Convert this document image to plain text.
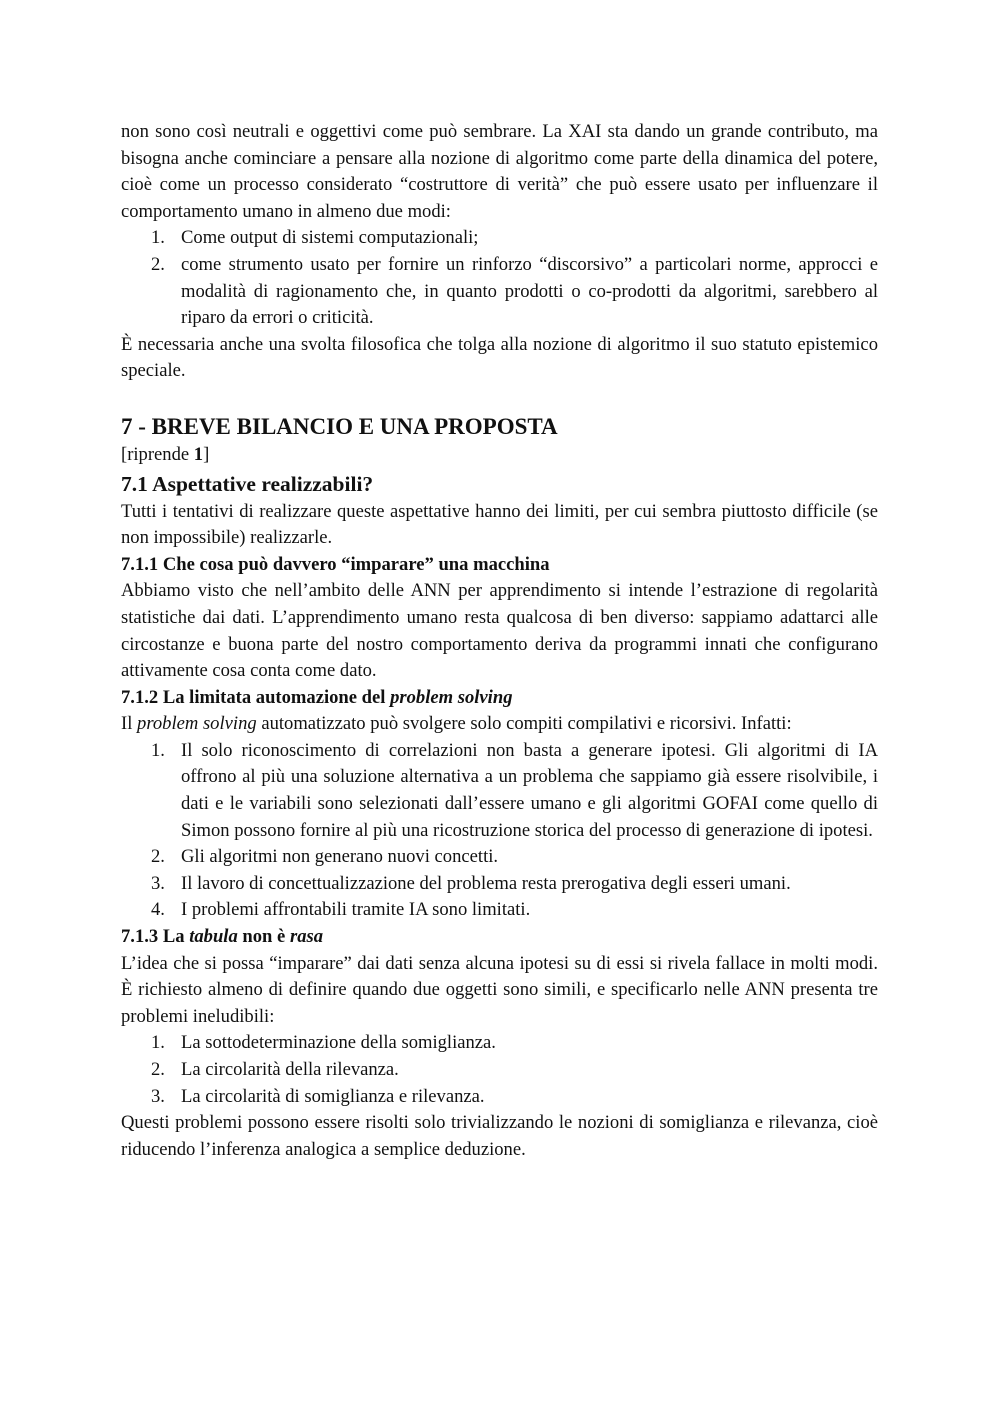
non sono così neutrali e oggettivi come può sembrare. La XAI sta dando un grande contributo, ma bisogna anche cominciare a pensare alla nozione di algoritmo come parte della dinamica del potere, cioè come un processo considerato “costruttore di verità” che può essere usato per influenzare il comportamento umano in almeno due modi:

1. Come output di sistemi computazionali;
2. come strumento usato per fornire un rinforzo “discorsivo” a particolari norme, approcci e modalità di ragionamento che, in quanto prodotti o co-prodotti da algoritmi, sarebbero al riparo da errori o criticità.

È necessaria anche una svolta filosofica che tolga alla nozione di algoritmo il suo statuto epistemico speciale.

7 - BREVE BILANCIO E UNA PROPOSTA

[riprende 1]

7.1 Aspettative realizzabili?

Tutti i tentativi di realizzare queste aspettative hanno dei limiti, per cui sembra piuttosto difficile (se non impossibile) realizzarle.

7.1.1 Che cosa può davvero “imparare” una macchina

Abbiamo visto che nell’ambito delle ANN per apprendimento si intende l’estrazione di regolarità statistiche dai dati. L’apprendimento umano resta qualcosa di ben diverso: sappiamo adattarci alle circostanze e buona parte del nostro comportamento deriva da programmi innati che configurano attivamente cosa conta come dato.

7.1.2 La limitata automazione del problem solving

Il problem solving automatizzato può svolgere solo compiti compilativi e ricorsivi. Infatti:

1. Il solo riconoscimento di correlazioni non basta a generare ipotesi. Gli algoritmi di IA offrono al più una soluzione alternativa a un problema che sappiamo già essere risolvibile, i dati e le variabili sono selezionati dall’essere umano e gli algoritmi GOFAI come quello di Simon possono fornire al più una ricostruzione storica del processo di generazione di ipotesi.
2. Gli algoritmi non generano nuovi concetti.
3. Il lavoro di concettualizzazione del problema resta prerogativa degli esseri umani.
4. I problemi affrontabili tramite IA sono limitati.
7.1.3 La tabula non è rasa

L’idea che si possa “imparare” dai dati senza alcuna ipotesi su di essi si rivela fallace in molti modi. È richiesto almeno di definire quando due oggetti sono simili, e specificarlo nelle ANN presenta tre problemi ineludibili:

1. La sottodeterminazione della somiglianza.
2. La circolarità della rilevanza.
3. La circolarità di somiglianza e rilevanza.

Questi problemi possono essere risolti solo trivializzando le nozioni di somiglianza e rilevanza, cioè riducendo l’inferenza analogica a semplice deduzione.
